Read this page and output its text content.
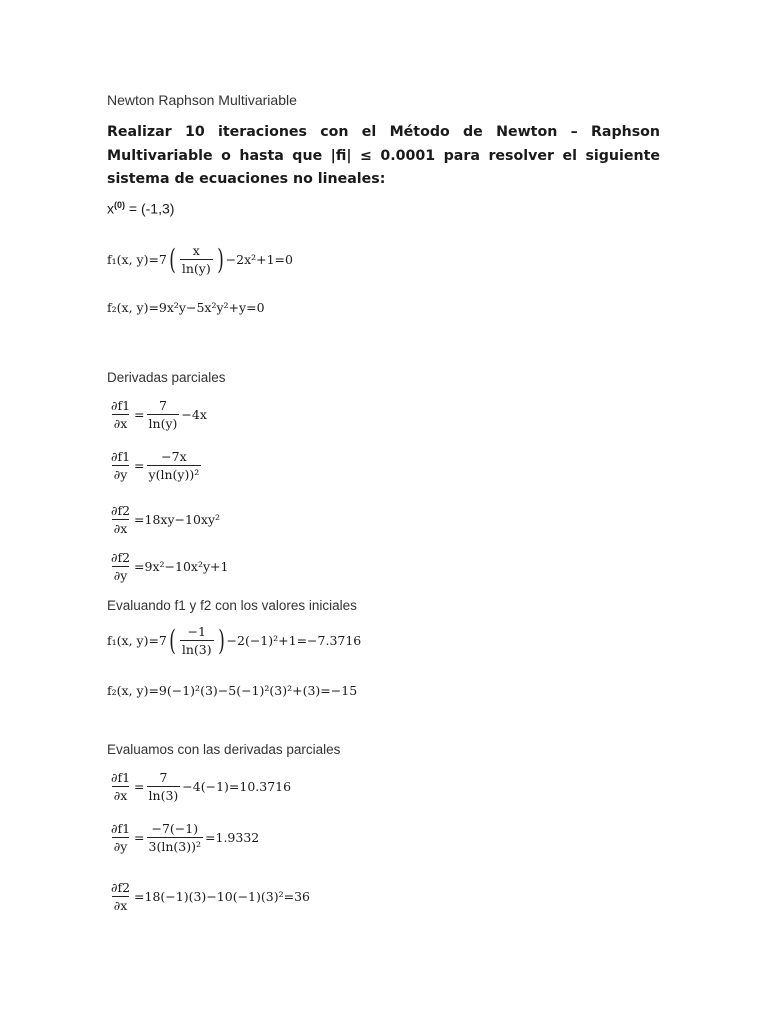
Newton Raphson Multivariable
Realizar 10 iteraciones con el Método de Newton – Raphson Multivariable o hasta que |fi| ≤ 0.0001 para resolver el siguiente sistema de ecuaciones no lineales:
$x^{(0)} = (-1,3)$
f₁(x, y)=7 ( $\frac{x}{\ln(y)}$ ) −2x²+1=0
f₂(x, y)=9x²y−5x²y²+y=0
Derivadas parciales
$\frac{\partial f1}{\partial x} = \frac{7}{\ln(y)} -4x$
$\frac{\partial f1}{\partial y} = \frac{-7x}{\text{y(ln(y))²}}$
$\frac{\partial f2}{\partial x} =18xy-10xy^2$
$\frac{\partial f2}{\partial y} =9x^2-10x^2y+1$
Evaluando f1 y f2 con los valores iniciales
f₁(x, y)=7 ( $\frac{-1}{\ln(3)}$ ) −2(−1)²+1=−7.3716
f₂(x, y)=9(−1)²(3)−5(−1)²(3)²+(3)=−15
Evaluamos con las derivadas parciales
$\frac{\partial f1}{\partial x} = \frac{7}{\ln(3)} -4(-1)=10.3716$
$\frac{\partial f1}{\partial y} = \frac{-7(-1)}{\text{3(ln(3))²}} =1.9332$
$\frac{\partial f2}{\partial x} =18(-1)(3)-10(-1)(3)^2=36$
